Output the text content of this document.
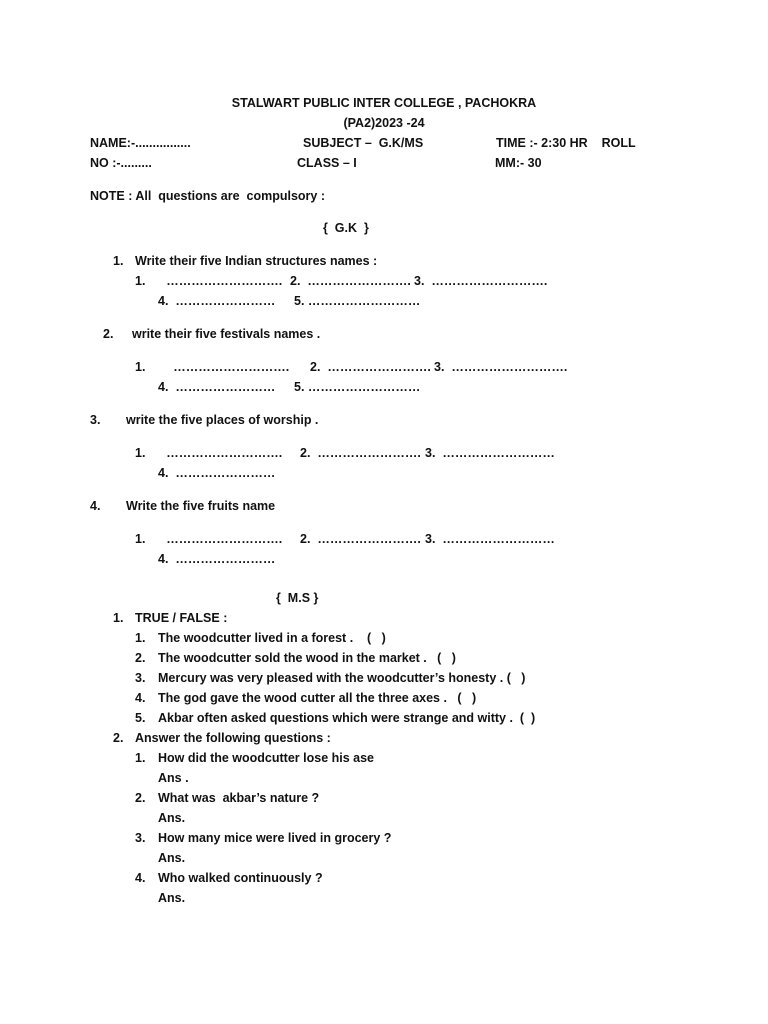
STALWART PUBLIC INTER COLLEGE , PACHOKRA
(PA2)2023 -24
NAME:-................	SUBJECT –  G.K/MS	TIME :- 2:30 HR    ROLL
NO :-.........	CLASS – I	MM:- 30
NOTE : All  questions are  compulsory :
{  G.K  }
1. Write their five Indian structures names :
1.      ………………………. 2.  ……………………. 3.  ……………………….
4.  …………………… 5. ………………………
2. write their five festivals names .
1.        ………………………. 2.  ……………………. 3.  ……………………….
4.  …………………… 5. ………………………
3. write the five places of worship .
1.      ………………………. 2.  ……………………. 3.  ………………………
4.  ……………………
4. Write the five fruits name
1.      ………………………. 2.  ……………………. 3.  ………………………
4.  ……………………
{  M.S }
1. TRUE / FALSE :
1. The woodcutter lived in a forest .    (   )
2. The woodcutter sold the wood in the market .   (   )
3. Mercury was very pleased with the woodcutter’s honesty . (   )
4. The god gave the wood cutter all the three axes .   (   )
5. Akbar often asked questions which were strange and witty .  (  )
2. Answer the following questions :
1. How did the woodcutter lose his ase
Ans .
2. What was  akbar’s nature ?
Ans.
3. How many mice were lived in grocery ?
Ans.
4. Who walked continuously ?
Ans.
